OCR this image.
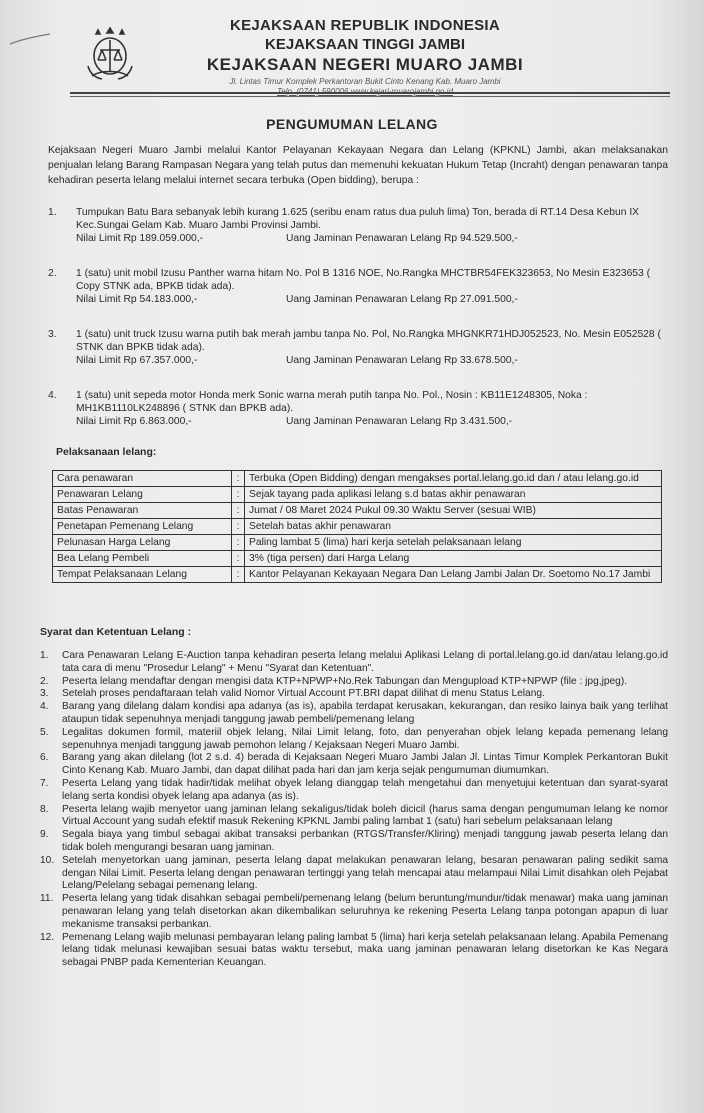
KEJAKSAAN REPUBLIK INDONESIA
KEJAKSAAN TINGGI JAMBI
KEJAKSAAN NEGERI MUARO JAMBI
Jl. Lintas Timur Komplek Perkantoran Bukit Cinto Kenang Kab. Muaro Jambi
Telp. (0741) 590006 www.kejari-muarojambi.go.id
PENGUMUMAN LELANG
Kejaksaan Negeri Muaro Jambi melalui Kantor Pelayanan Kekayaan Negara dan Lelang (KPKNL) Jambi, akan melaksanakan penjualan lelang Barang Rampasan Negara yang telah putus dan memenuhi kekuatan Hukum Tetap (Incraht) dengan penawaran tanpa kehadiran peserta lelang melalui internet secara terbuka (Open bidding), berupa :
1. Tumpukan Batu Bara sebanyak lebih kurang 1.625 (seribu enam ratus dua puluh lima) Ton, berada di RT.14 Desa Kebun IX Kec.Sungai Gelam Kab. Muaro Jambi Provinsi Jambi.
Nilai Limit Rp 189.059.000,-	Uang Jaminan Penawaran Lelang Rp 94.529.500,-
2. 1 (satu) unit mobil Izusu Panther warna hitam No. Pol B 1316 NOE, No.Rangka MHCTBR54FEK323653, No Mesin E323653 ( Copy STNK ada, BPKB tidak ada).
Nilai Limit Rp 54.183.000,-	Uang Jaminan Penawaran Lelang Rp 27.091.500,-
3. 1 (satu) unit truck Izusu warna putih bak merah jambu tanpa No. Pol, No.Rangka MHGNKR71HDJ052523, No. Mesin E052528 ( STNK dan BPKB tidak ada).
Nilai Limit Rp 67.357.000,-	Uang Jaminan Penawaran Lelang Rp 33.678.500,-
4. 1 (satu) unit sepeda motor Honda merk Sonic warna merah putih tanpa No. Pol., Nosin : KB11E1248305, Noka : MH1KB1110LK248896 ( STNK dan BPKB ada).
Nilai Limit Rp 6.863.000,-	Uang Jaminan Penawaran Lelang Rp 3.431.500,-
Pelaksanaan lelang:
Cara penawaran	:	Terbuka (Open Bidding) dengan mengakses portal.lelang.go.id dan / atau lelang.go.id
Penawaran Lelang	:	Sejak tayang pada aplikasi lelang s.d batas akhir penawaran
Batas Penawaran	:	Jumat / 08 Maret 2024 Pukul 09.30 Waktu Server (sesuai WIB)
Penetapan Pemenang Lelang	:	Setelah batas akhir penawaran
Pelunasan Harga Lelang	:	Paling lambat 5 (lima) hari kerja setelah pelaksanaan lelang
Bea Lelang Pembeli	:	3% (tiga persen) dari Harga Lelang
Tempat Pelaksanaan Lelang	:	Kantor Pelayanan Kekayaan Negara Dan Lelang Jambi Jalan Dr. Soetomo No.17 Jambi
Syarat dan Ketentuan Lelang :
1. Cara Penawaran Lelang E-Auction tanpa kehadiran peserta lelang melalui Aplikasi Lelang di portal.lelang.go.id dan/atau lelang.go.id tata cara di menu "Prosedur Lelang" + Menu "Syarat dan Ketentuan".
2. Peserta lelang mendaftar dengan mengisi data KTP+NPWP+No.Rek Tabungan dan Mengupload KTP+NPWP (file : jpg,jpeg).
3. Setelah proses pendaftaraan telah valid Nomor Virtual Account PT.BRI dapat dilihat di menu Status Lelang.
4. Barang yang dilelang dalam kondisi apa adanya (as is), apabila terdapat kerusakan, kekurangan, dan resiko lainya baik yang terlihat ataupun tidak sepenuhnya menjadi tanggung jawab pembeli/pemenang lelang
5. Legalitas dokumen formil, materiil objek lelang, Nilai Limit lelang, foto, dan penyerahan objek lelang kepada pemenang lelang sepenuhnya menjadi tanggung jawab pemohon lelang / Kejaksaan Negeri Muaro Jambi.
6. Barang yang akan dilelang (lot 2 s.d. 4) berada di Kejaksaan Negeri Muaro Jambi Jalan Jl. Lintas Timur Komplek Perkantoran Bukit Cinto Kenang Kab. Muaro Jambi, dan dapat dilihat pada hari dan jam kerja sejak pengumuman diumumkan.
7. Peserta Lelang yang tidak hadir/tidak melihat obyek lelang dianggap telah mengetahui dan menyetujui ketentuan dan syarat-syarat lelang serta kondisi obyek lelang apa adanya (as is).
8. Peserta lelang wajib menyetor uang jaminan lelang sekaligus/tidak boleh dicicil (harus sama dengan pengumuman lelang ke nomor Virtual Account yang sudah efektif masuk Rekening KPKNL Jambi paling lambat 1 (satu) hari sebelum pelaksanaan lelang
9. Segala biaya yang timbul sebagai akibat transaksi perbankan (RTGS/Transfer/Kliring) menjadi tanggung jawab peserta lelang dan tidak boleh mengurangi besaran uang jaminan.
10. Setelah menyetorkan uang jaminan, peserta lelang dapat melakukan penawaran lelang, besaran penawaran paling sedikit sama dengan Nilai Limit. Peserta lelang dengan penawaran tertinggi yang telah mencapai atau melampaui Nilai Limit disahkan oleh Pejabat Lelang/Pelelang sebagai pemenang lelang.
11. Peserta lelang yang tidak disahkan sebagai pembeli/pemenang lelang (belum beruntung/mundur/tidak menawar) maka uang jaminan penawaran lelang yang telah disetorkan akan dikembalikan seluruhnya ke rekening Peserta Lelang tanpa potongan apapun di luar mekanisme transaksi perbankan.
12. Pemenang Lelang wajib melunasi pembayaran lelang paling lambat 5 (lima) hari kerja setelah pelaksanaan lelang. Apabila Pemenang lelang tidak melunasi kewajiban sesuai batas waktu tersebut, maka uang jaminan penawaran lelang disetorkan ke Kas Negara sebagai PNBP pada Kementerian Keuangan.
